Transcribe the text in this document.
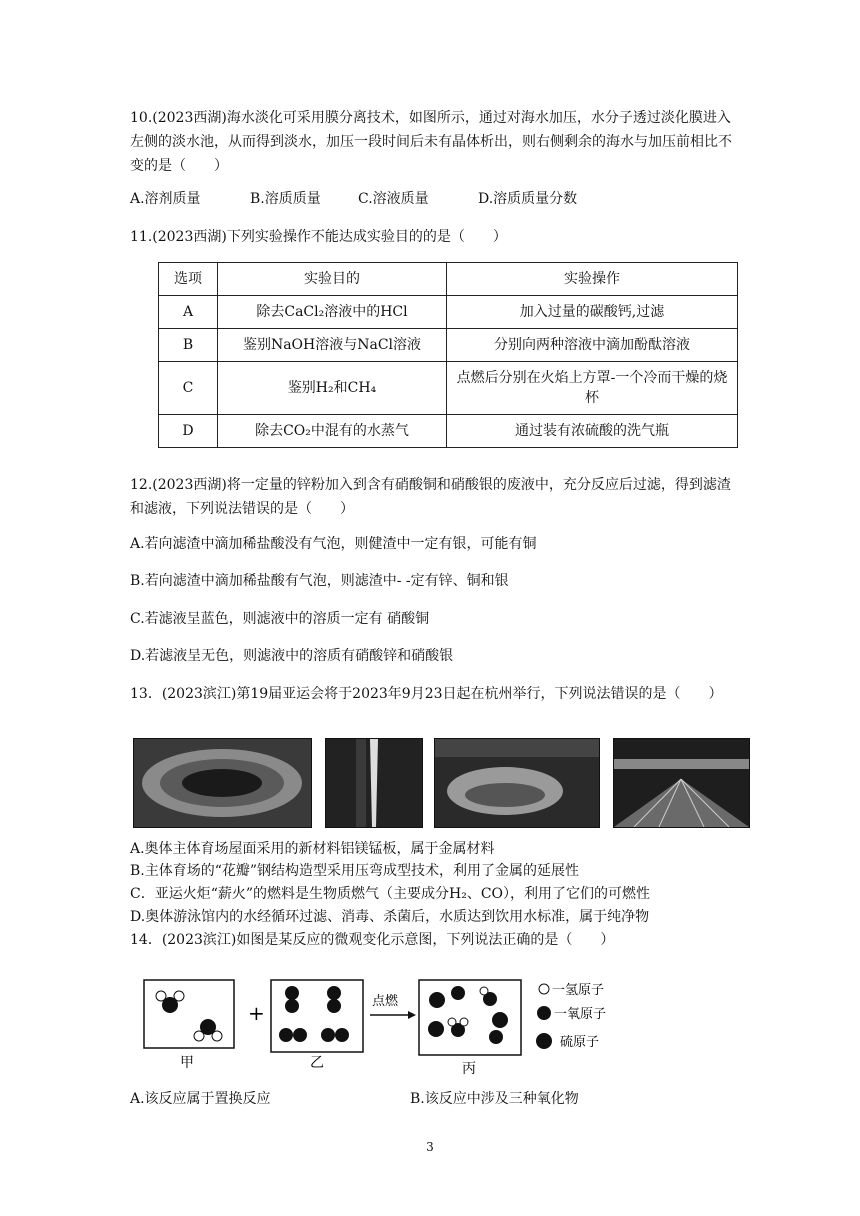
10.(2023西湖)海水淡化可采用膜分离技术，如图所示，通过对海水加压，水分子透过淡化膜进入左侧的淡水池，从而得到淡水，加压一段时间后未有晶体析出，则右侧剩余的海水与加压前相比不变的是（　　）

A.溶剂质量	B.溶质质量	C.溶液质量	D.溶质质量分数

11.(2023西湖)下列实验操作不能达成实验目的的是（　　）

选项	实验目的	实验操作
A	除去CaCl₂溶液中的HCl	加入过量的碳酸钙,过滤
B	鉴别NaOH溶液与NaCl溶液	分别向两种溶液中滴加酚酞溶液
C	鉴别H₂和CH₄	点燃后分别在火焰上方罩-一个冷而干燥的烧杯
D	除去CO₂中混有的水蒸气	通过装有浓硫酸的洗气瓶

12.(2023西湖)将一定量的锌粉加入到含有硝酸铜和硝酸银的废液中，充分反应后过滤，得到滤渣和滤液，下列说法错误的是（　　）

A.若向滤渣中滴加稀盐酸没有气泡，则健渣中一定有银，可能有铜
B.若向滤渣中滴加稀盐酸有气泡，则滤渣中- -定有锌、铜和银
C.若滤液呈蓝色，则滤液中的溶质一定有 硝酸铜
D.若滤液呈无色，则滤液中的溶质有硝酸锌和硝酸银

13．(2023滨江)第19届亚运会将于2023年9月23日起在杭州举行，下列说法错误的是（　　）

A.奥体主体育场屋面采用的新材料铝镁锰板，属于金属材料
B.主体育场的“花瓣”钢结构造型采用压弯成型技术，利用了金属的延展性
C．亚运火炬“薪火”的燃料是生物质燃气（主要成分H₂、CO），利用了它们的可燃性
D.奥体游泳馆内的水经循环过滤、消毒、杀菌后，水质达到饮用水标准，属于纯净物

14．(2023滨江)如图是某反应的微观变化示意图，下列说法正确的是（　　）

+	点燃
甲	乙	丙
一氢原子
一氧原子
硫原子
A.该反应属于置换反应	B.该反应中涉及三种氧化物
3
